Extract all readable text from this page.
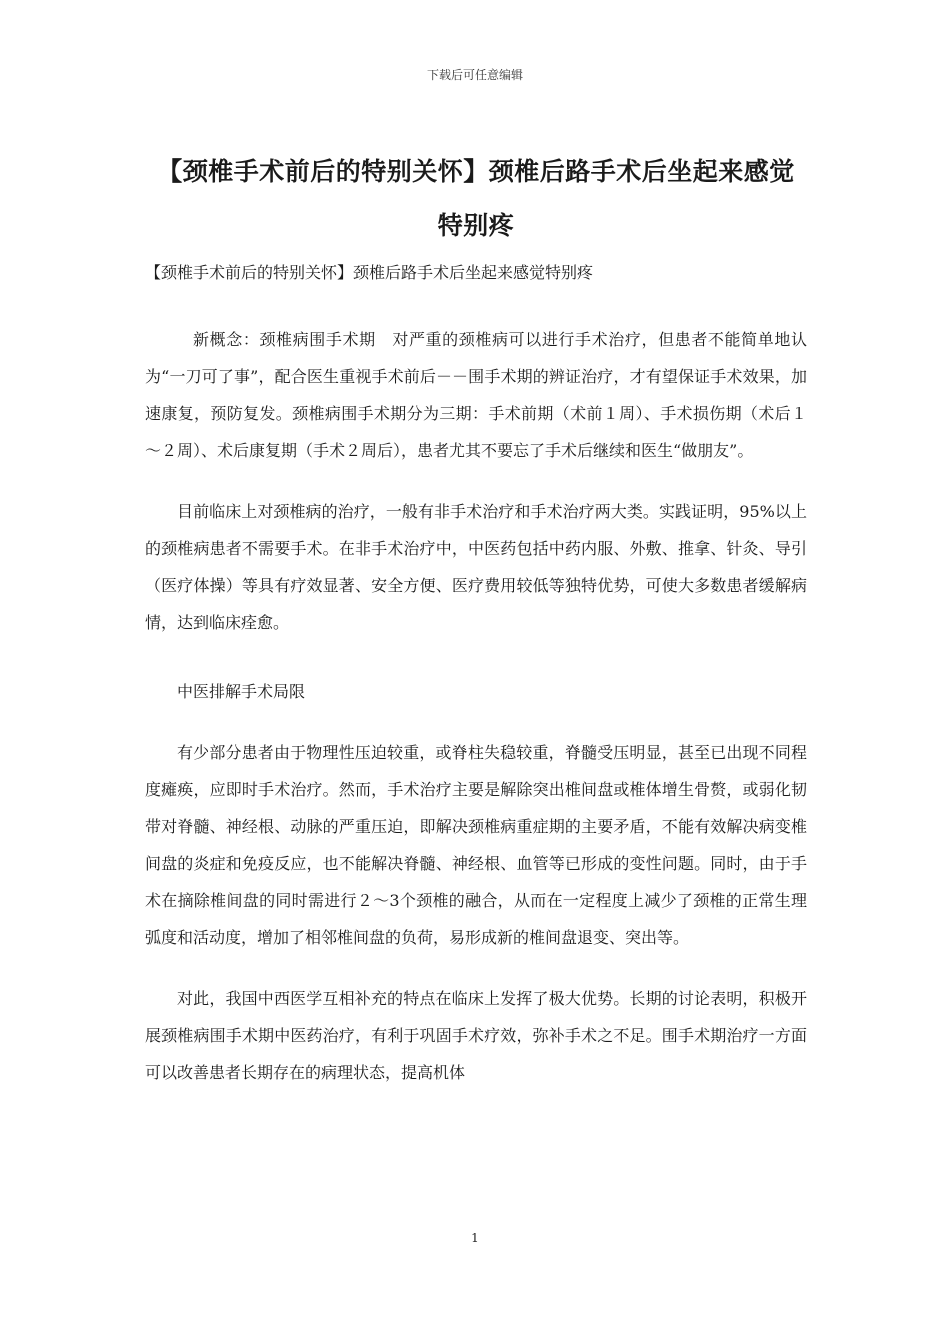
下载后可任意编辑
【颈椎手术前后的特别关怀】颈椎后路手术后坐起来感觉特别疼

【颈椎手术前后的特别关怀】颈椎后路手术后坐起来感觉特别疼

新概念：颈椎病围手术期　对严重的颈椎病可以进行手术治疗，但患者不能简单地认为“一刀可了事”，配合医生重视手术前后－－围手术期的辨证治疗，才有望保证手术效果，加速康复，预防复发。颈椎病围手术期分为三期：手术前期（术前１周）、手术损伤期（术后１～２周）、术后康复期（手术２周后），患者尤其不要忘了手术后继续和医生“做朋友”。

目前临床上对颈椎病的治疗，一般有非手术治疗和手术治疗两大类。实践证明，95%以上的颈椎病患者不需要手术。在非手术治疗中，中医药包括中药内服、外敷、推拿、针灸、导引（医疗体操）等具有疗效显著、安全方便、医疗费用较低等独特优势，可使大多数患者缓解病情，达到临床痊愈。

中医排解手术局限

有少部分患者由于物理性压迫较重，或脊柱失稳较重，脊髓受压明显，甚至已出现不同程度瘫痪，应即时手术治疗。然而，手术治疗主要是解除突出椎间盘或椎体增生骨赘，或弱化韧带对脊髓、神经根、动脉的严重压迫，即解决颈椎病重症期的主要矛盾，不能有效解决病变椎间盘的炎症和免疫反应，也不能解决脊髓、神经根、血管等已形成的变性问题。同时，由于手术在摘除椎间盘的同时需进行２～3个颈椎的融合，从而在一定程度上减少了颈椎的正常生理弧度和活动度，增加了相邻椎间盘的负荷，易形成新的椎间盘退变、突出等。

对此，我国中西医学互相补充的特点在临床上发挥了极大优势。长期的讨论表明，积极开展颈椎病围手术期中医药治疗，有利于巩固手术疗效，弥补手术之不足。围手术期治疗一方面可以改善患者长期存在的病理状态，提高机体

1
